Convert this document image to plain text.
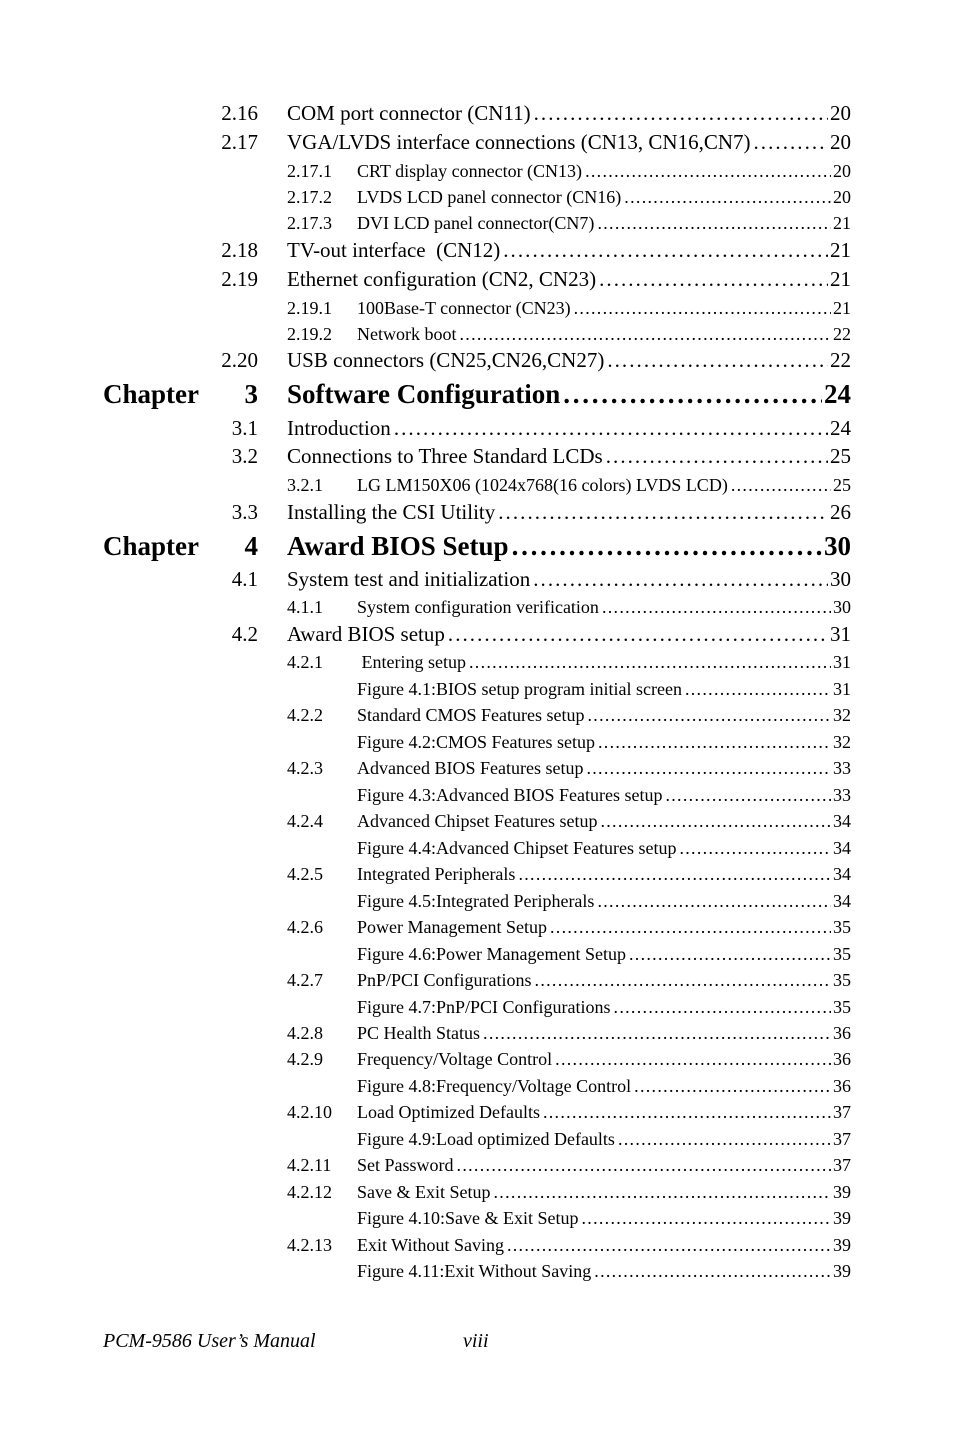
2.16 COM port connector (CN11) . . .	20
2.17 VGA/LVDS interface connections (CN13, CN16,CN7) . . .	20
2.17.1 CRT display connector (CN13) . . .	20
2.17.2 LVDS LCD panel connector (CN16) . . .	20
2.17.3 DVI LCD panel connector(CN7) . . .	21
2.18 TV-out interface  (CN12) . . .	21
2.19 Ethernet configuration (CN2, CN23) . . .	21
2.19.1 100Base-T connector (CN23) . . .	21
2.19.2 Network boot . . .	22
2.20 USB connectors (CN25,CN26,CN27) . . .	22
Chapter 3 Software Configuration . . .	24
3.1 Introduction . . .	24
3.2 Connections to Three Standard LCDs . . .	25
3.2.1 LG LM150X06 (1024x768(16 colors) LVDS LCD) . . .	25
3.3 Installing the CSI Utility . . .	26
Chapter 4 Award BIOS Setup . . .	30
4.1 System test and initialization . . .	30
4.1.1 System configuration verification . . .	30
4.2 Award BIOS setup . . .	31
4.2.1 Entering setup . . .	31
Figure 4.1:BIOS setup program initial screen . . .	31
4.2.2 Standard CMOS Features setup . . .	32
Figure 4.2:CMOS Features setup . . .	32
4.2.3 Advanced BIOS Features setup . . .	33
Figure 4.3:Advanced BIOS Features setup . . .	33
4.2.4 Advanced Chipset Features setup . . .	34
Figure 4.4:Advanced Chipset Features setup . . .	34
4.2.5 Integrated Peripherals . . .	34
Figure 4.5:Integrated Peripherals . . .	34
4.2.6 Power Management Setup . . .	35
Figure 4.6:Power Management Setup . . .	35
4.2.7 PnP/PCI Configurations . . .	35
Figure 4.7:PnP/PCI Configurations . . .	35
4.2.8 PC Health Status . . .	36
4.2.9 Frequency/Voltage Control . . .	36
Figure 4.8:Frequency/Voltage Control . . .	36
4.2.10 Load Optimized Defaults . . .	37
Figure 4.9:Load optimized Defaults . . .	37
4.2.11 Set Password . . .	37
4.2.12 Save & Exit Setup . . .	39
Figure 4.10:Save & Exit Setup . . .	39
4.2.13 Exit Without Saving . . .	39
Figure 4.11:Exit Without Saving . . .	39
PCM-9586 User’s Manual	viii
